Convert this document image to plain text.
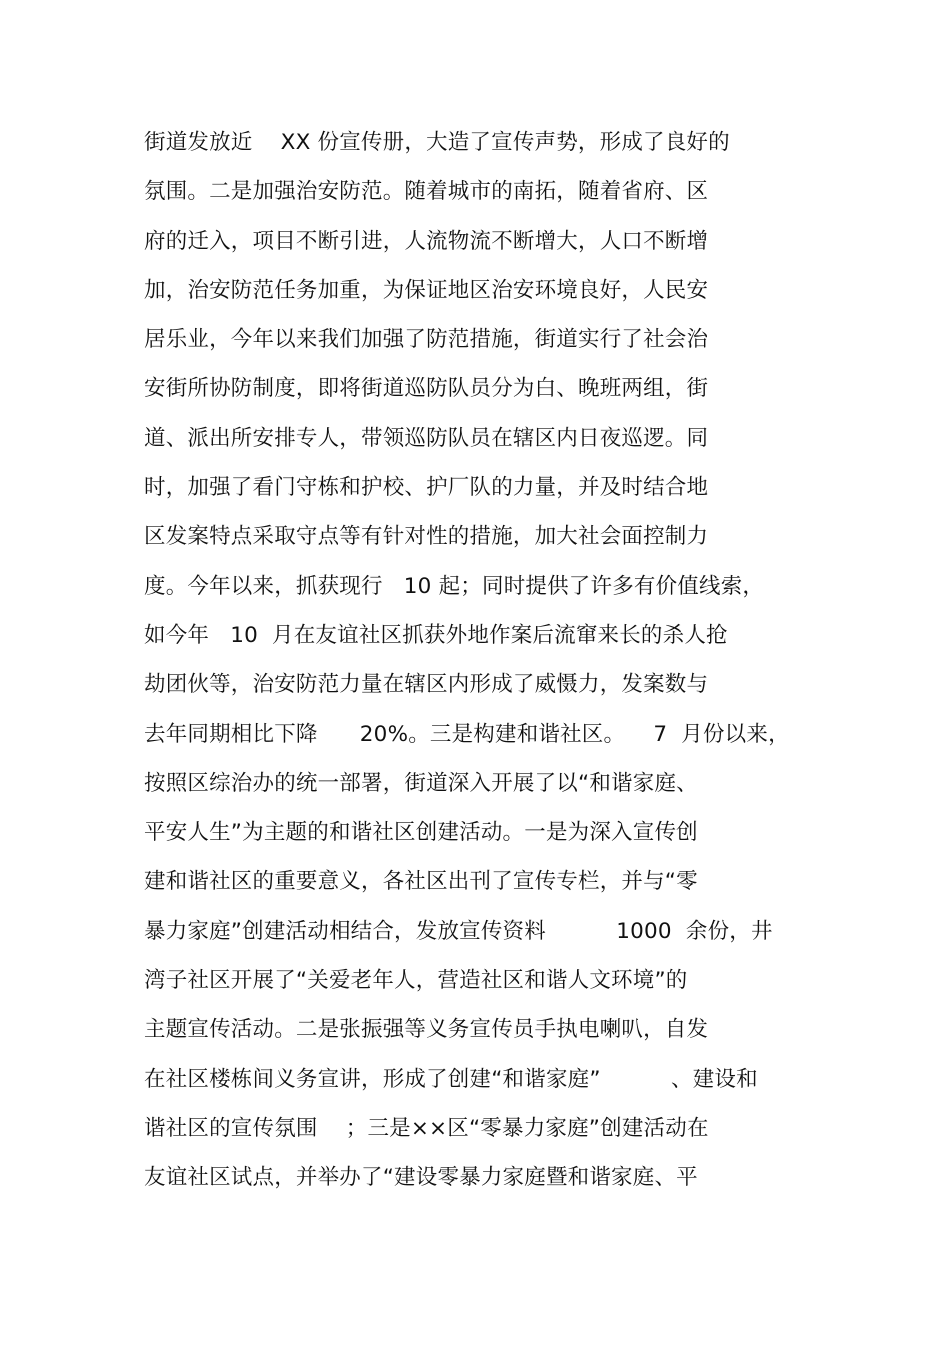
街道发放近    XX 份宣传册，大造了宣传声势，形成了良好的
氛围。二是加强治安防范。随着城市的南拓，随着省府、区
府的迁入，项目不断引进，人流物流不断增大，人口不断增
加，治安防范任务加重，为保证地区治安环境良好，人民安
居乐业，今年以来我们加强了防范措施，街道实行了社会治
安街所协防制度，即将街道巡防队员分为白、晚班两组，街
道、派出所安排专人，带领巡防队员在辖区内日夜巡逻。同
时，加强了看门守栋和护校、护厂队的力量，并及时结合地
区发案特点采取守点等有针对性的措施，加大社会面控制力
度。今年以来，抓获现行   10 起；同时提供了许多有价值线索，
如今年   10  月在友谊社区抓获外地作案后流窜来长的杀人抢
劫团伙等，治安防范力量在辖区内形成了威慑力，发案数与
去年同期相比下降      20%。三是构建和谐社区。    7  月份以来，
按照区综治办的统一部署，街道深入开展了以“和谐家庭、
平安人生”为主题的和谐社区创建活动。一是为深入宣传创
建和谐社区的重要意义，各社区出刊了宣传专栏，并与“零
暴力家庭”创建活动相结合，发放宣传资料          1000  余份，井
湾子社区开展了“关爱老年人，营造社区和谐人文环境”的
主题宣传活动。二是张振强等义务宣传员手执电喇叭，自发
在社区楼栋间义务宣讲，形成了创建“和谐家庭”          、建设和
谐社区的宣传氛围    ；三是××区“零暴力家庭”创建活动在
友谊社区试点，并举办了“建设零暴力家庭暨和谐家庭、平
